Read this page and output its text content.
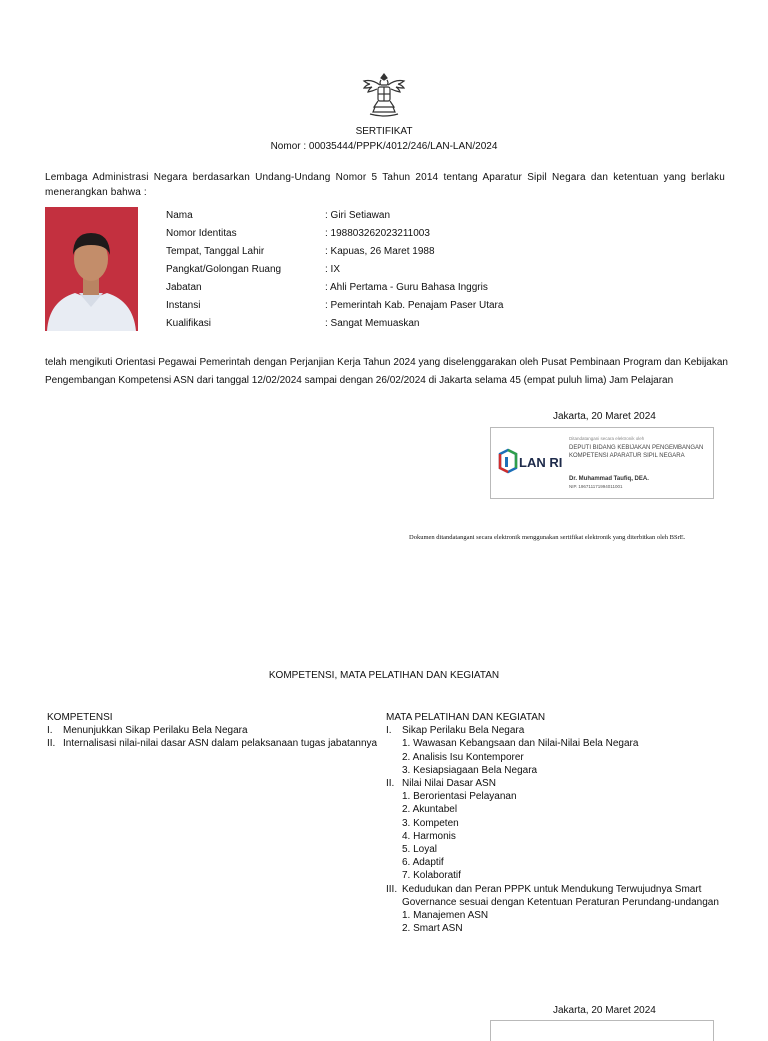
SERTIFIKAT
Nomor : 00035444/PPPK/4012/246/LAN-LAN/2024
Lembaga Administrasi Negara berdasarkan Undang-Undang Nomor 5 Tahun 2014 tentang Aparatur Sipil Negara dan ketentuan yang berlaku menerangkan bahwa :
Nama	: Giri Setiawan
Nomor Identitas	: 198803262023211003
Tempat, Tanggal Lahir	: Kapuas, 26 Maret 1988
Pangkat/Golongan Ruang	: IX
Jabatan	: Ahli Pertama - Guru Bahasa Inggris
Instansi	: Pemerintah Kab. Penajam Paser Utara
Kualifikasi	: Sangat Memuaskan
telah mengikuti Orientasi Pegawai Pemerintah dengan Perjanjian Kerja Tahun 2024 yang diselenggarakan oleh Pusat Pembinaan Program dan Kebijakan Pengembangan Kompetensi ASN dari tanggal 12/02/2024 sampai dengan 26/02/2024 di Jakarta selama 45 (empat puluh lima) Jam Pelajaran
Jakarta, 20 Maret 2024
LAN RI
Ditandatangani secara elektronik oleh
DEPUTI BIDANG KEBIJAKAN PENGEMBANGAN KOMPETENSI APARATUR SIPIL NEGARA
Dr. Muhammad Taufiq, DEA.
NIP. 196711171994011001
Dokumen ditandatangani secara elektronik menggunakan sertifikat elektronik yang diterbitkan oleh BSrE.
KOMPETENSI, MATA PELATIHAN DAN KEGIATAN
KOMPETENSI
I. Menunjukkan Sikap Perilaku Bela Negara
II. Internalisasi nilai-nilai dasar ASN dalam pelaksanaan tugas jabatannya
MATA PELATIHAN DAN KEGIATAN
I. Sikap Perilaku Bela Negara
1. Wawasan Kebangsaan dan Nilai-Nilai Bela Negara
2. Analisis Isu Kontemporer
3. Kesiapsiagaan Bela Negara
II. Nilai Nilai Dasar ASN
1. Berorientasi Pelayanan
2. Akuntabel
3. Kompeten
4. Harmonis
5. Loyal
6. Adaptif
7. Kolaboratif
III. Kedudukan dan Peran PPPK untuk Mendukung Terwujudnya Smart
Governance sesuai dengan Ketentuan Peraturan Perundang-undangan
1. Manajemen ASN
2. Smart ASN
Jakarta, 20 Maret 2024
